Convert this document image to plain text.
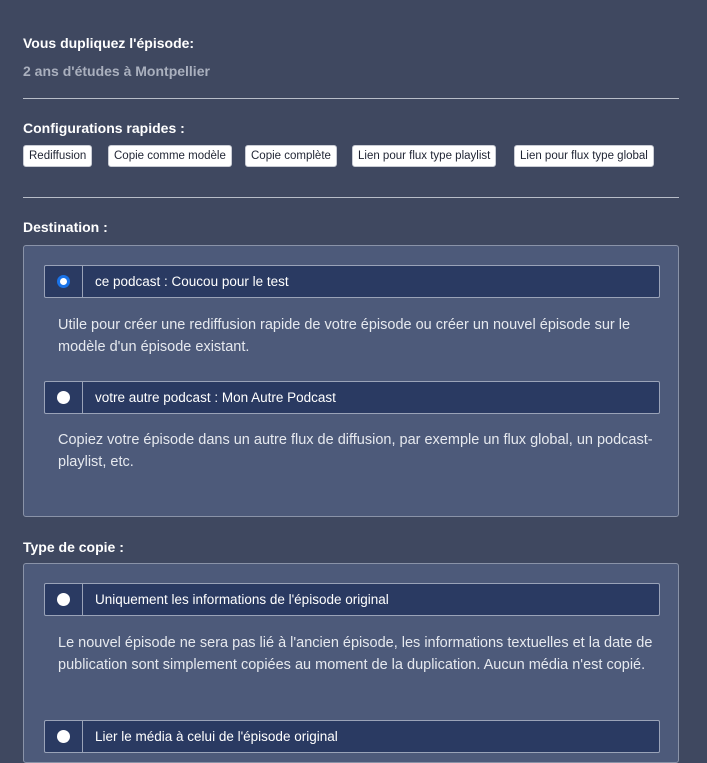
Vous dupliquez l'épisode:
2 ans d'études à Montpellier
Configurations rapides :
Rediffusion	Copie comme modèle	Copie complète	Lien pour flux type playlist	Lien pour flux type global
Destination :
ce podcast : Coucou pour le test
Utile pour créer une rediffusion rapide de votre épisode ou créer un nouvel épisode sur le modèle d'un épisode existant.
votre autre podcast : Mon Autre Podcast
Copiez votre épisode dans un autre flux de diffusion, par exemple un flux global, un podcast-playlist, etc.
Type de copie :
Uniquement les informations de l'épisode original
Le nouvel épisode ne sera pas lié à l'ancien épisode, les informations textuelles et la date de publication sont simplement copiées au moment de la duplication. Aucun média n'est copié.
Lier le média à celui de l'épisode original
